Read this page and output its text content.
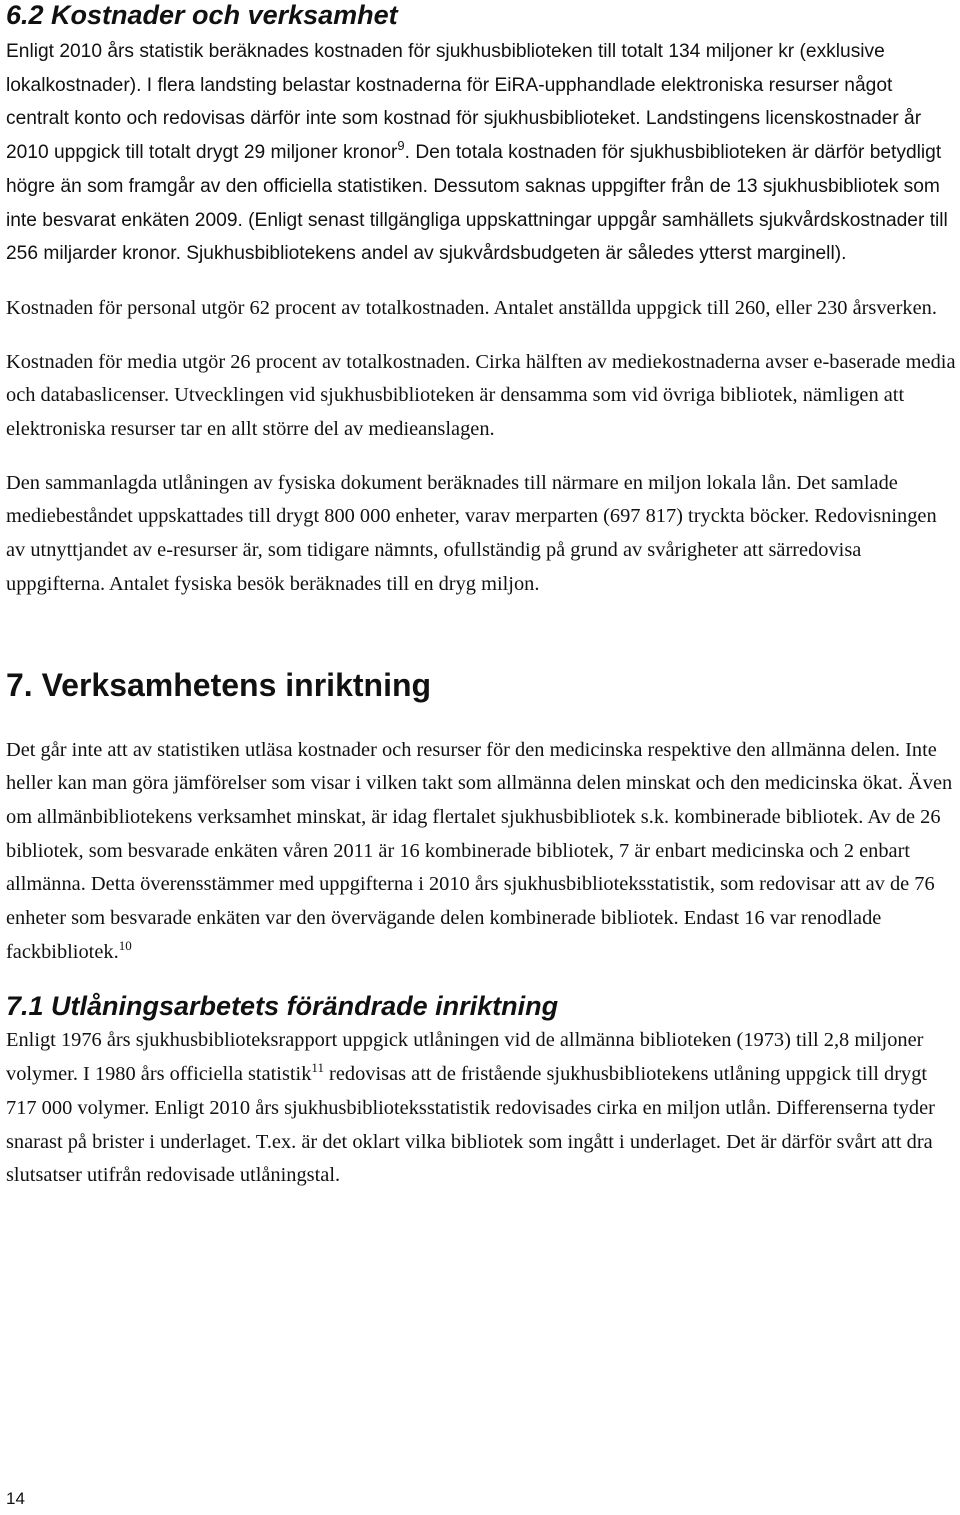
6.2 Kostnader och verksamhet

Enligt 2010 års statistik beräknades kostnaden för sjukhusbiblioteken till totalt 134 miljoner kr (exklusive lokalkostnader). I flera landsting belastar kostnaderna för EiRA-upphandlade elektroniska resurser något centralt konto och redovisas därför inte som kostnad för sjukhusbiblioteket. Landstingens licenskostnader år 2010 uppgick till totalt drygt 29 miljoner kronor$^9$. Den totala kostnaden för sjukhusbiblioteken är därför betydligt högre än som framgår av den officiella statistiken. Dessutom saknas uppgifter från de 13 sjukhusbibliotek som inte besvarat enkäten 2009. (Enligt senast tillgängliga uppskattningar uppgår samhällets sjukvårdskostnader till 256 miljarder kronor. Sjukhusbibliotekens andel av sjukvårdsbudgeten är således ytterst marginell).

Kostnaden för personal utgör 62 procent av totalkostnaden. Antalet anställda uppgick till 260, eller 230 årsverken.

Kostnaden för media utgör 26 procent av totalkostnaden. Cirka hälften av mediekostnaderna avser e-baserade media och databaslicenser. Utvecklingen vid sjukhusbiblioteken är densamma som vid övriga bibliotek, nämligen att elektroniska resurser tar en allt större del av medieanslagen.

Den sammanlagda utlåningen av fysiska dokument beräknades till närmare en miljon lokala lån. Det samlade mediebeståndet uppskattades till drygt 800 000 enheter, varav merparten (697 817) tryckta böcker. Redovisningen av utnyttjandet av e-resurser är, som tidigare nämnts, ofullständig på grund av svårigheter att särredovisa uppgifterna. Antalet fysiska besök beräknades till en dryg miljon.

7. Verksamhetens inriktning

Det går inte att av statistiken utläsa kostnader och resurser för den medicinska respektive den allmänna delen. Inte heller kan man göra jämförelser som visar i vilken takt som allmänna delen minskat och den medicinska ökat. Även om allmänbibliotekens verksamhet minskat, är idag flertalet sjukhusbibliotek s.k. kombinerade bibliotek. Av de 26 bibliotek, som besvarade enkäten våren 2011 är 16 kombinerade bibliotek, 7 är enbart medicinska och 2 enbart allmänna. Detta överensstämmer med uppgifterna i 2010 års sjukhusbiblioteksstatistik, som redovisar att av de 76 enheter som besvarade enkäten var den övervägande delen kombinerade bibliotek. Endast 16 var renodlade fackbibliotek.$^{10}$

7.1 Utlåningsarbetets förändrade inriktning

Enligt 1976 års sjukhusbiblioteksrapport uppgick utlåningen vid de allmänna biblioteken (1973) till 2,8 miljoner volymer. I 1980 års officiella statistik$^{11}$ redovisas att de fristående sjukhusbibliotekens utlåning uppgick till drygt 717 000 volymer. Enligt 2010 års sjukhusbiblioteksstatistik redovisades cirka en miljon utlån. Differenserna tyder snarast på brister i underlaget. T.ex. är det oklart vilka bibliotek som ingått i underlaget. Det är därför svårt att dra slutsatser utifrån redovisade utlåningstal.

14
